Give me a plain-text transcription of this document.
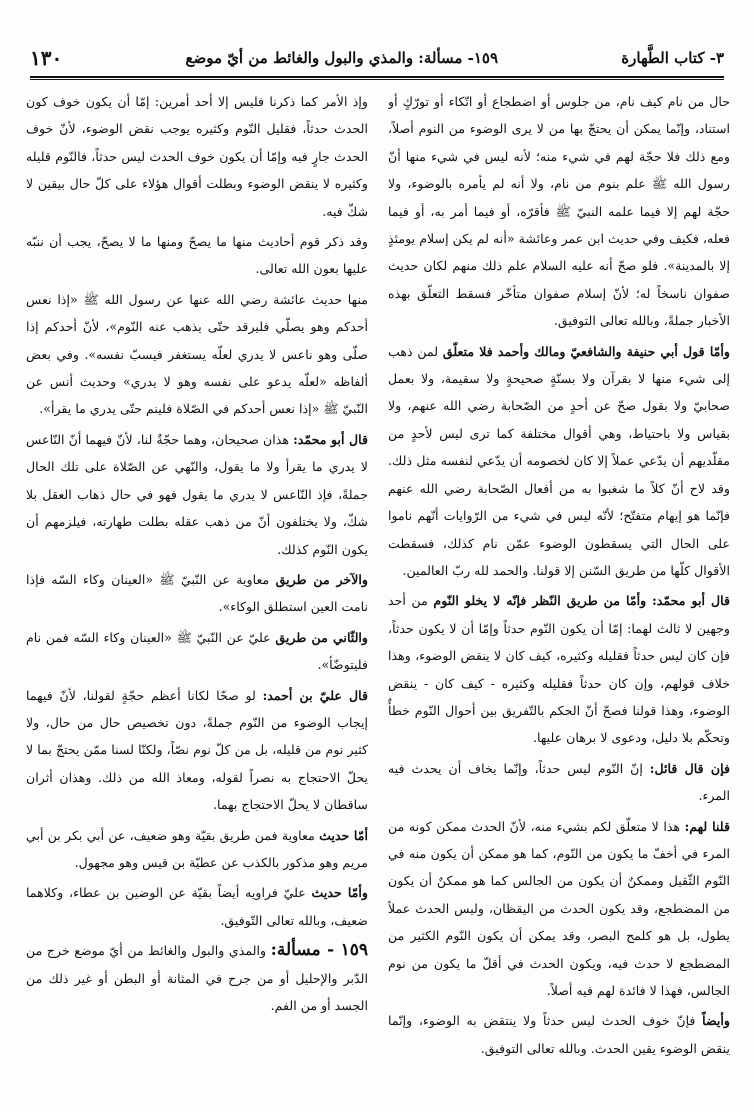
٣- كتاب الطَّهارة
١٥٩- مسألة: والمذي والبول والغائط من أيّ موضع
١٣٠

حال من نام كيف نام، من جلوس أو اضطجاع أو اتّكاء أو تورّكٍ أو استناد، وإنّما يمكن أن يحتجّ بها من لا يرى الوضوء من النوم أصلاً، ومع ذلك فلا حجّة لهم في شيء منه؛ لأنه ليس في شيء منها أنّ رسول الله ﷺ علم بنوم من نام، ولا أنه لم يأمره بالوضوء، ولا حجّة لهم إلا فيما علمه النبيّ ﷺ فأقرّه، أو فيما أمر به، أو فيما فعله، فكيف وفي حديث ابن عمر وعائشة «أنه لم يكن إسلام يومئذٍ إلا بالمدينة». فلو صحّ أنه عليه السلام علم ذلك منهم لكان حديث صفوان ناسخاً له؛ لأنّ إسلام صفوان متأخّر فسقط التعلّق بهذه الأخبار جملةً، وبالله تعالى التوفيق.

وأمّا قول أبي حنيفة والشافعيّ ومالك وأحمد فلا متعلّق لمن ذهب إلى شيء منها لا بقرآن ولا بسنّةٍ صحيحةٍ ولا سقيمة، ولا بعمل صحابيّ ولا بقول صحّ عن أحدٍ من الصّحابة رضي الله عنهم، ولا بقياس ولا باحتياط، وهي أقوال مختلفة كما ترى ليس لأحدٍ من مقلّديهم أن يدّعي عملاً إلا كان لخصومه أن يدّعي لنفسه مثل ذلك. وقد لاح أنّ كلاً ما شغبوا به من أفعال الصّحابة رضي الله عنهم فإنّما هو إيهام متفتّح؛ لأنّه ليس في شيء من الرّوايات أنّهم ناموا على الحال التي يسقطون الوضوء عمّن نام كذلك، فسقطت الأقوال كلّها من طريق السّنن إلا قولنا. والحمد لله ربّ العالمين.

قال أبو محمّد: وأمّا من طريق النّظر فإنّه لا يخلو النّوم من أحد وجهين لا ثالث لهما: إمّا أن يكون النّوم حدثاً وإمّا أن لا يكون حدثاً، فإن كان ليس حدثاً فقليله وكثيره، كيف كان لا ينقض الوضوء، وهذا خلاف قولهم، وإن كان حدثاً فقليله وكثيره - كيف كان - ينقض الوضوء، وهذا قولنا فصحّ أنّ الحكم بالتّفريق بين أحوال النّوم خطأٌ وتحكّم بلا دليل، ودعوى لا برهان عليها.

فإن قال قائل: إنّ النّوم ليس حدثاً، وإنّما يخاف أن يحدث فيه المرء.

قلنا لهم: هذا لا متعلّق لكم بشيء منه، لأنّ الحدث ممكن كونه من المرء في أخفّ ما يكون من النّوم، كما هو ممكن أن يكون منه في النّوم الثّقيل وممكنٌ أن يكون من الجالس كما هو ممكنٌ أن يكون من المضطجع، وقد يكون الحدث من اليقظان، وليس الحدث عملاً يطول، بل هو كلمح البصر، وقد يمكن أن يكون النّوم الكثير من المضطجع لا حدث فيه، ويكون الحدث في أقلّ ما يكون من نوم الجالس، فهذا لا فائدة لهم فيه أصلاً.

وأيضاً فإنّ خوف الحدث ليس حدثاً ولا ينتقض به الوضوء، وإنّما ينقض الوضوء يقين الحدث. وبالله تعالى التوفيق.

وإذ الأمر كما ذكرنا فليس إلا أحد أمرين: إمّا أن يكون خوف كون الحدث حدثاً، فقليل النّوم وكثيره يوجب نقض الوضوء، لأنّ خوف الحدث جارٍ فيه وإمّا أن يكون خوف الحدث ليس حدثاً، فالنّوم قليله وكثيره لا ينقض الوضوء وبطلت أقوال هؤلاء على كلّ حال بيقين لا شكّ فيه.

وقد ذكر قوم أحاديث منها ما يصحّ ومنها ما لا يصحّ، يجب أن ننبّه عليها بعون الله تعالى.

منها حديث عائشة رضي الله عنها عن رسول الله ﷺ «إذا نعس أحدكم وهو يصلّي فليرقد حتّى يذهب عنه النّوم»، لأنّ أحدكم إذا صلّى وهو ناعس لا يدري لعلّه يستغفر فيسبّ نفسه». وفي بعض ألفاظه «لعلّه يدعو على نفسه وهو لا يدري» وحديث أنس عن النّبيّ ﷺ «إذا نعس أحدكم في الصّلاة فلينم حتّى يدري ما يقرأ».

قال أبو محمّد: هذان صحيحان، وهما حجّةٌ لنا، لأنّ فيهما أنّ النّاعس لا يدري ما يقرأ ولا ما يقول، والنّهي عن الصّلاة على تلك الحال جملةً، فإذ النّاعس لا يدري ما يقول فهو في حال ذهاب العقل بلا شكّ، ولا يختلفون أنّ من ذهب عقله بطلت طهارته، فيلزمهم أن يكون النّوم كذلك.

والآخر من طريق معاوية عن النّبيّ ﷺ «العينان وكاء السّه فإذا نامت العين استطلق الوكاء».

والثّاني من طريق عليّ عن النّبيّ ﷺ «العينان وكاء السّه فمن نام فليتوضّأ».

قال عليّ بن أحمد: لو صحّا لكانا أعظم حجّةٍ لقولنا، لأنّ فيهما إيجاب الوضوء من النّوم جملةً، دون تخصيص حال من حال، ولا كثير نوم من قليله، بل من كلّ نوم نصّاً، ولكنّا لسنا ممّن يحتجّ بما لا يحلّ الاحتجاج به نصراً لقوله، ومعاذ الله من ذلك. وهذان أثران ساقطان لا يحلّ الاحتجاج بهما.

أمّا حديث معاوية فمن طريق بقيّة وهو ضعيف، عن أبي بكر بن أبي مريم وهو مذكور بالكذب عن عطيّة بن قيس وهو مجهول.

وأمّا حديث عليّ فراويه أيضاً بقيّة عن الوضين بن عطاء، وكلاهما ضعيف، وبالله تعالى التّوفيق.

١٥٩ - مسألة: والمذي والبول والغائط من أيّ موضع خرج من الدّبر والإحليل أو من جرح في المثانة أو البطن أو غير ذلك من الجسد أو من الفم.
